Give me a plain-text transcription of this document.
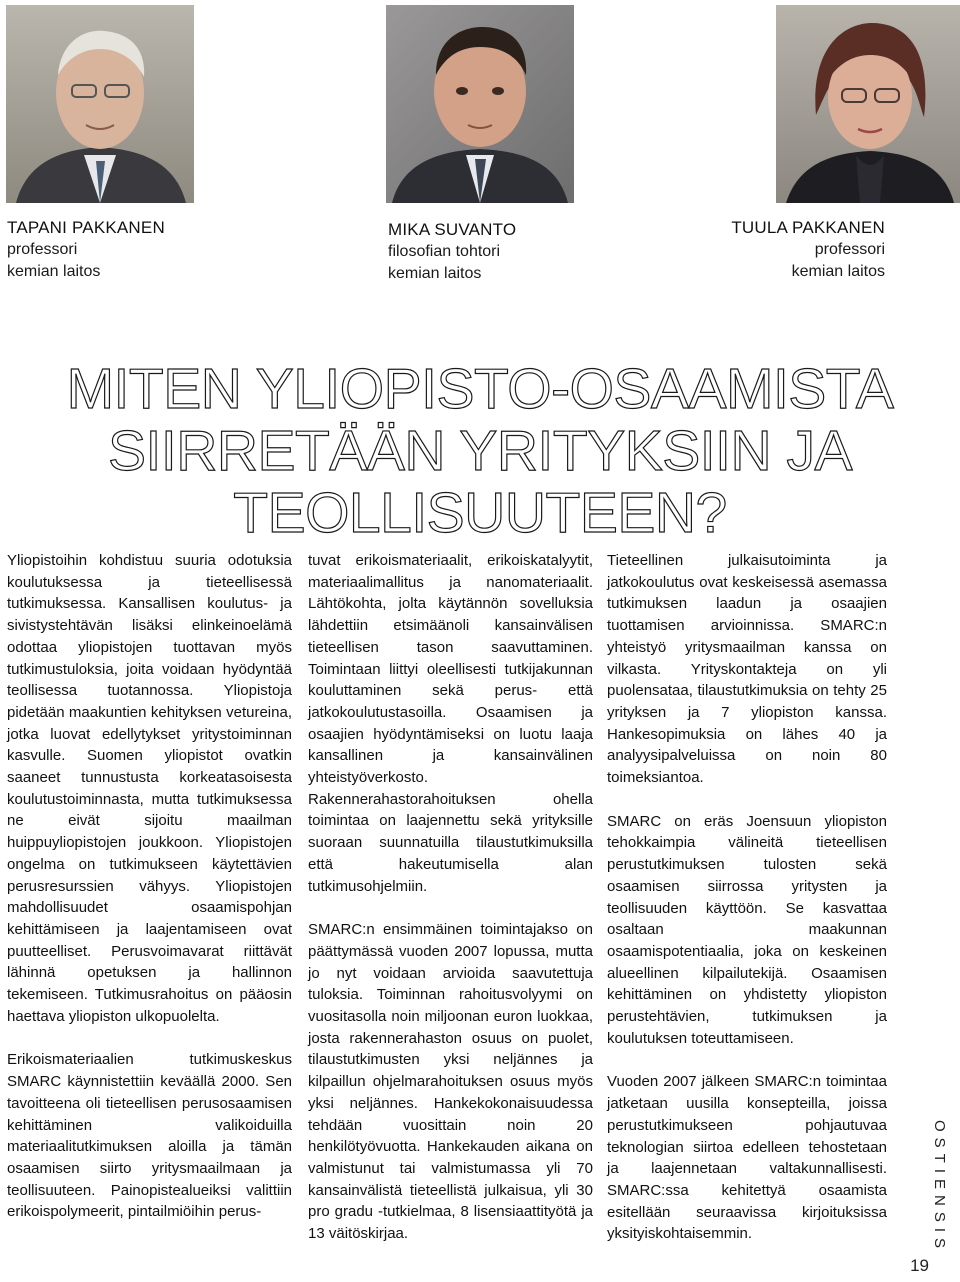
TAPANI PAKKANEN
professori
kemian laitos
MIKA SUVANTO
filosofian tohtori
kemian laitos
TUULA PAKKANEN
professori
kemian laitos
MITEN YLIOPISTO-OSAAMISTA
SIIRRETÄÄN YRITYKSIIN JA
TEOLLISUUTEEN?

Yliopistoihin kohdistuu suuria odotuksia koulutuksessa ja tieteellisessä tutkimuksessa. Kansallisen koulutus- ja sivistystehtävän lisäksi elinkeinoelämä odottaa yliopistojen tuottavan myös tutkimustuloksia, joita voidaan hyödyntää teollisessa tuotannossa. Yliopistoja pidetään maakuntien kehityksen vetureina, jotka luovat edellytykset yritystoiminnan kasvulle. Suomen yliopistot ovatkin saaneet tunnustusta korkeatasoisesta koulutustoiminnasta, mutta tutkimuksessa ne eivät sijoitu maailman huippuyliopistojen joukkoon. Yliopistojen ongelma on tutkimukseen käytettävien perusresurssien vähyys. Yliopistojen mahdollisuudet osaamispohjan kehittämiseen ja laajentamiseen ovat puutteelliset. Perusvoimavarat riittävät lähinnä opetuksen ja hallinnon tekemiseen. Tutkimusrahoitus on pääosin haettava yliopiston ulkopuolelta.

Erikoismateriaalien tutkimuskeskus SMARC käynnistettiin keväällä 2000. Sen tavoitteena oli tieteellisen perusosaamisen kehittäminen valikoiduilla materiaalitutkimuksen aloilla ja tämän osaamisen siirto yritysmaailmaan ja teollisuuteen. Painopistealueiksi valittiin erikoispolymeerit, pintailmiöihin perus-

tuvat erikoismateriaalit, erikoiskatalyytit, materiaalimallitus ja nanomateriaalit. Lähtökohta, jolta käytännön sovelluksia lähdettiin etsimäänoli kansainvälisen tieteellisen tason saavuttaminen. Toimintaan liittyi oleellisesti tutkijakunnan kouluttaminen sekä perus- että jatkokoulutustasoilla. Osaamisen ja osaajien hyödyntämiseksi on luotu laaja kansallinen ja kansainvälinen yhteistyöverkosto. Rakennerahastorahoituksen ohella toimintaa on laajennettu sekä yrityksille suoraan suunnatuilla tilaustutkimuksilla että hakeutumisella alan tutkimusohjelmiin.

SMARC:n ensimmäinen toimintajakso on päättymässä vuoden 2007 lopussa, mutta jo nyt voidaan arvioida saavutettuja tuloksia. Toiminnan rahoitusvolyymi on vuositasolla noin miljoonan euron luokkaa, josta rakennerahaston osuus on puolet, tilaustutkimusten yksi neljännes ja kilpaillun ohjelmarahoituksen osuus myös yksi neljännes. Hankekokonaisuudessa tehdään vuosittain noin 20 henkilötyövuotta. Hankekauden aikana on valmistunut tai valmistumassa yli 70 kansainvälistä tieteellistä julkaisua, yli 30 pro gradu -tutkielmaa, 8 lisensiaattityötä ja 13 väitöskirjaa.

Tieteellinen julkaisutoiminta ja jatkokoulutus ovat keskeisessä asemassa tutkimuksen laadun ja osaajien tuottamisen arvioinnissa. SMARC:n yhteistyö yritysmaailman kanssa on vilkasta. Yrityskontakteja on yli puolensataa, tilaustutkimuksia on tehty 25 yrityksen ja 7 yliopiston kanssa. Hankesopimuksia on lähes 40 ja analyysipalveluissa on noin 80 toimeksiantoa.

SMARC on eräs Joensuun yliopiston tehokkaimpia välineitä tieteellisen perustutkimuksen tulosten sekä osaamisen siirrossa yritysten ja teollisuuden käyttöön. Se kasvattaa osaltaan maakunnan osaamispotentiaalia, joka on keskeinen alueellinen kilpailutekijä. Osaamisen kehittäminen on yhdistetty yliopiston perustehtävien, tutkimuksen ja koulutuksen toteuttamiseen.

Vuoden 2007 jälkeen SMARC:n toimintaa jatketaan uusilla konsepteilla, joissa perustutkimukseen pohjautuvaa teknologian siirtoa edelleen tehostetaan ja laajennetaan valtakunnallisesti. SMARC:ssa kehitettyä osaamista esitellään seuraavissa kirjoituksissa yksityiskohtaisemmin.	OSTIENSIS
19
